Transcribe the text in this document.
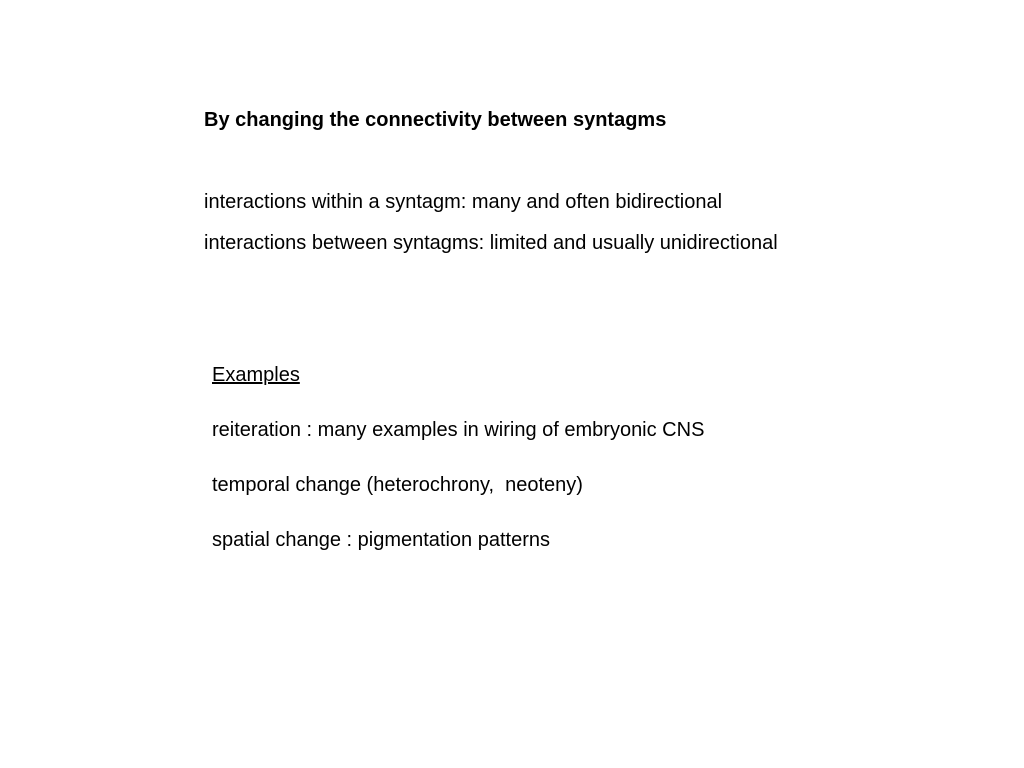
By changing the connectivity between syntagms

interactions within a syntagm: many and often bidirectional

interactions between syntagms: limited and usually unidirectional

Examples

reiteration : many examples in wiring of embryonic CNS

temporal change (heterochrony,  neoteny)

spatial change : pigmentation patterns
